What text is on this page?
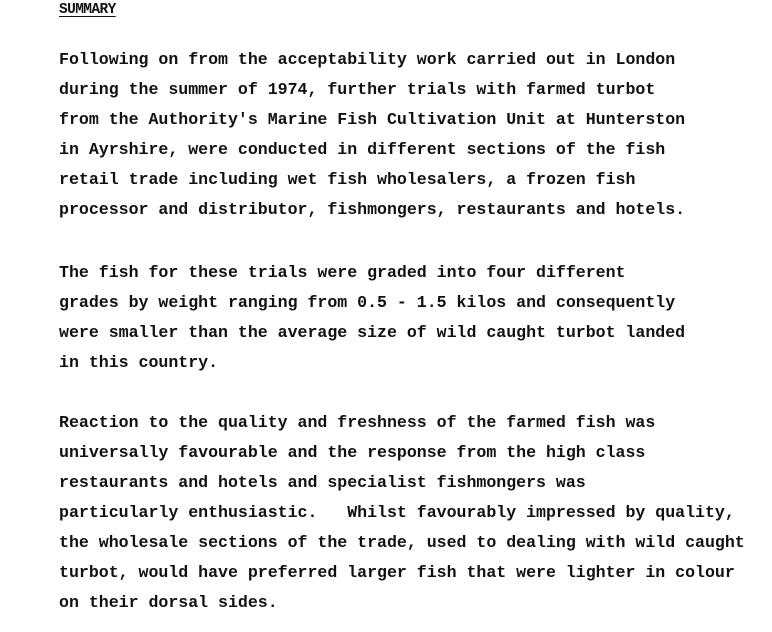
SUMMARY
Following on from the acceptability work carried out in London
during the summer of 1974, further trials with farmed turbot
from the Authority's Marine Fish Cultivation Unit at Hunterston
in Ayrshire, were conducted in different sections of the fish
retail trade including wet fish wholesalers, a frozen fish
processor and distributor, fishmongers, restaurants and hotels.
The fish for these trials were graded into four different
grades by weight ranging from 0.5 - 1.5 kilos and consequently
were smaller than the average size of wild caught turbot landed
in this country.
Reaction to the quality and freshness of the farmed fish was
universally favourable and the response from the high class
restaurants and hotels and specialist fishmongers was
particularly enthusiastic.   Whilst favourably impressed by quality,
the wholesale sections of the trade, used to dealing with wild caught
turbot, would have preferred larger fish that were lighter in colour
on their dorsal sides.
